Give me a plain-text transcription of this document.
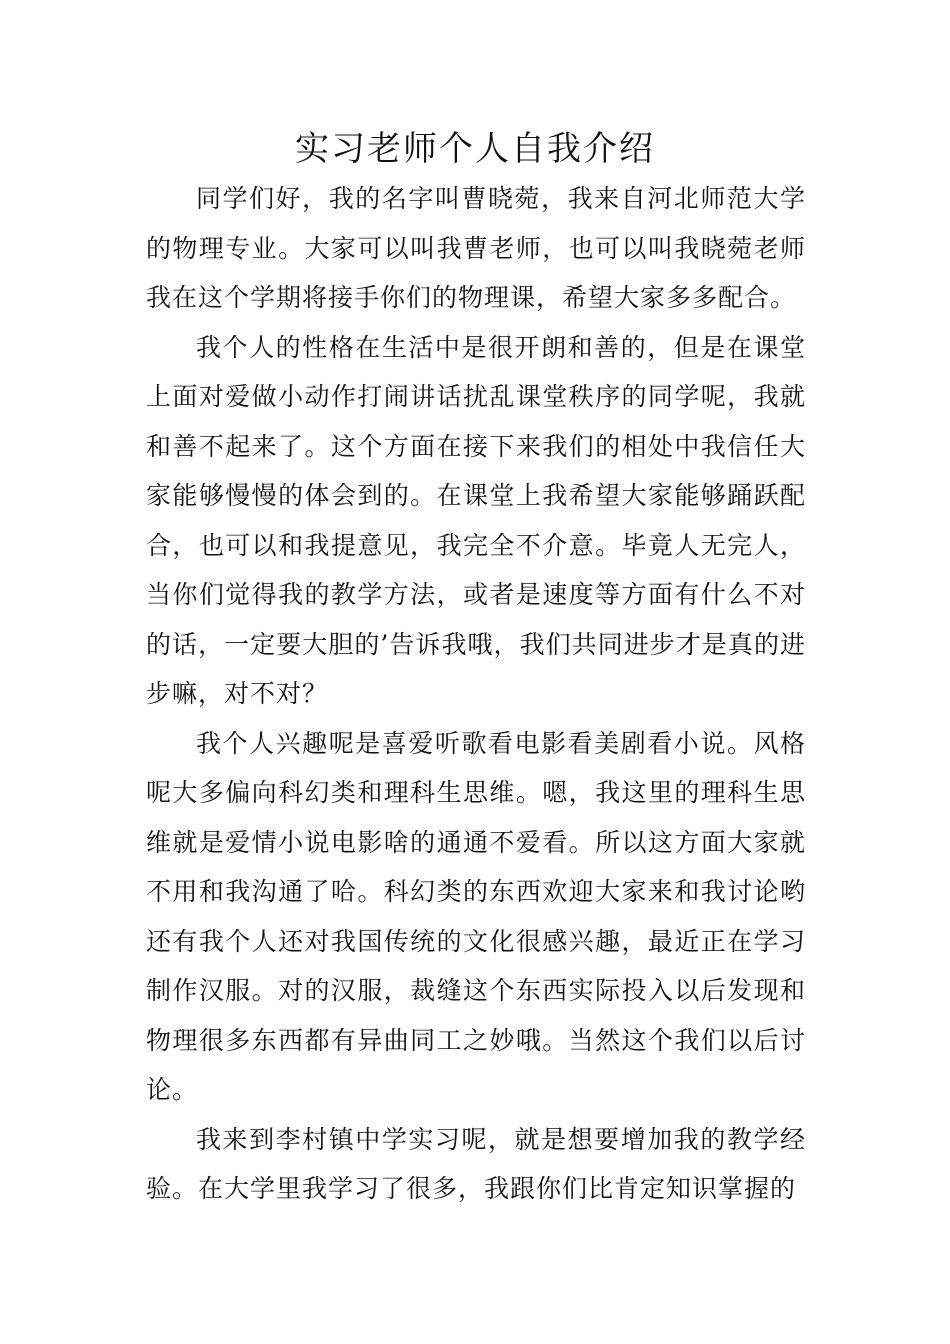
实习老师个人自我介绍

同学们好，我的名字叫曹晓菀，我来自河北师范大学的物理专业。大家可以叫我曹老师，也可以叫我晓菀老师我在这个学期将接手你们的物理课，希望大家多多配合。

我个人的性格在生活中是很开朗和善的，但是在课堂上面对爱做小动作打闹讲话扰乱课堂秩序的同学呢，我就和善不起来了。这个方面在接下来我们的相处中我信任大家能够慢慢的体会到的。在课堂上我希望大家能够踊跃配合，也可以和我提意见，我完全不介意。毕竟人无完人，当你们觉得我的教学方法，或者是速度等方面有什么不对的话，一定要大胆的’告诉我哦，我们共同进步才是真的进步嘛，对不对？

我个人兴趣呢是喜爱听歌看电影看美剧看小说。风格呢大多偏向科幻类和理科生思维。嗯，我这里的理科生思维就是爱情小说电影啥的通通不爱看。所以这方面大家就不用和我沟通了哈。科幻类的东西欢迎大家来和我讨论哟还有我个人还对我国传统的文化很感兴趣，最近正在学习制作汉服。对的汉服，裁缝这个东西实际投入以后发现和物理很多东西都有异曲同工之妙哦。当然这个我们以后讨论。

我来到李村镇中学实习呢，就是想要增加我的教学经验。在大学里我学习了很多，我跟你们比肯定知识掌握的
